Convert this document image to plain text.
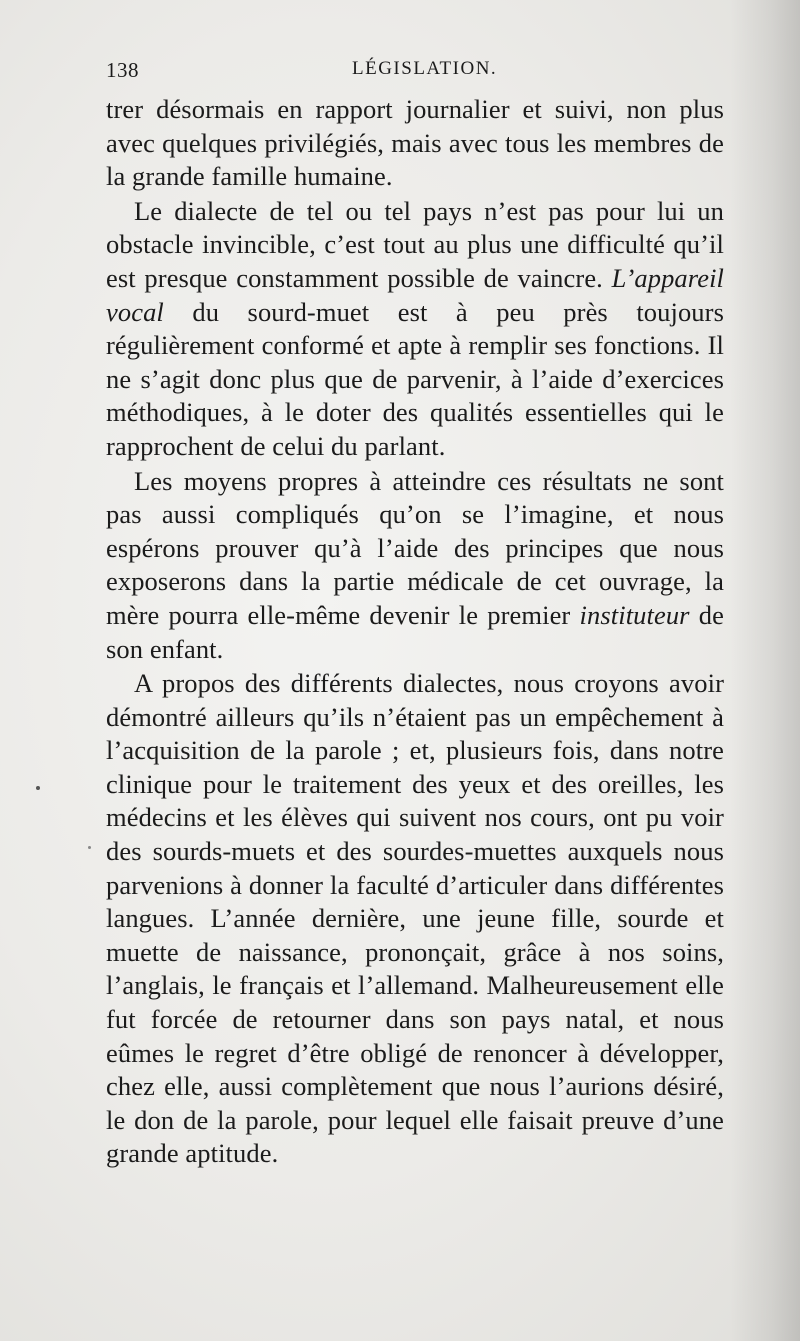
138	LÉGISLATION.

trer désormais en rapport journalier et suivi, non plus avec quelques privilégiés, mais avec tous les membres de la grande famille humaine.

Le dialecte de tel ou tel pays n’est pas pour lui un obstacle invincible, c’est tout au plus une difficulté qu’il est presque constamment possible de vaincre. L’appareil vocal du sourd-muet est à peu près toujours régulièrement conformé et apte à remplir ses fonctions. Il ne s’agit donc plus que de parvenir, à l’aide d’exercices méthodiques, à le doter des qualités essentielles qui le rapprochent de celui du parlant.

Les moyens propres à atteindre ces résultats ne sont pas aussi compliqués qu’on se l’imagine, et nous espérons prouver qu’à l’aide des principes que nous exposerons dans la partie médicale de cet ouvrage, la mère pourra elle-même devenir le premier instituteur de son enfant.

A propos des différents dialectes, nous croyons avoir démontré ailleurs qu’ils n’étaient pas un empêchement à l’acquisition de la parole ; et, plusieurs fois, dans notre clinique pour le traitement des yeux et des oreilles, les médecins et les élèves qui suivent nos cours, ont pu voir des sourds-muets et des sourdes-muettes auxquels nous parvenions à donner la faculté d’articuler dans différentes langues. L’année dernière, une jeune fille, sourde et muette de naissance, prononçait, grâce à nos soins, l’anglais, le français et l’allemand. Malheureusement elle fut forcée de retourner dans son pays natal, et nous eûmes le regret d’être obligé de renoncer à développer, chez elle, aussi complètement que nous l’aurions désiré, le don de la parole, pour lequel elle faisait preuve d’une grande aptitude.
